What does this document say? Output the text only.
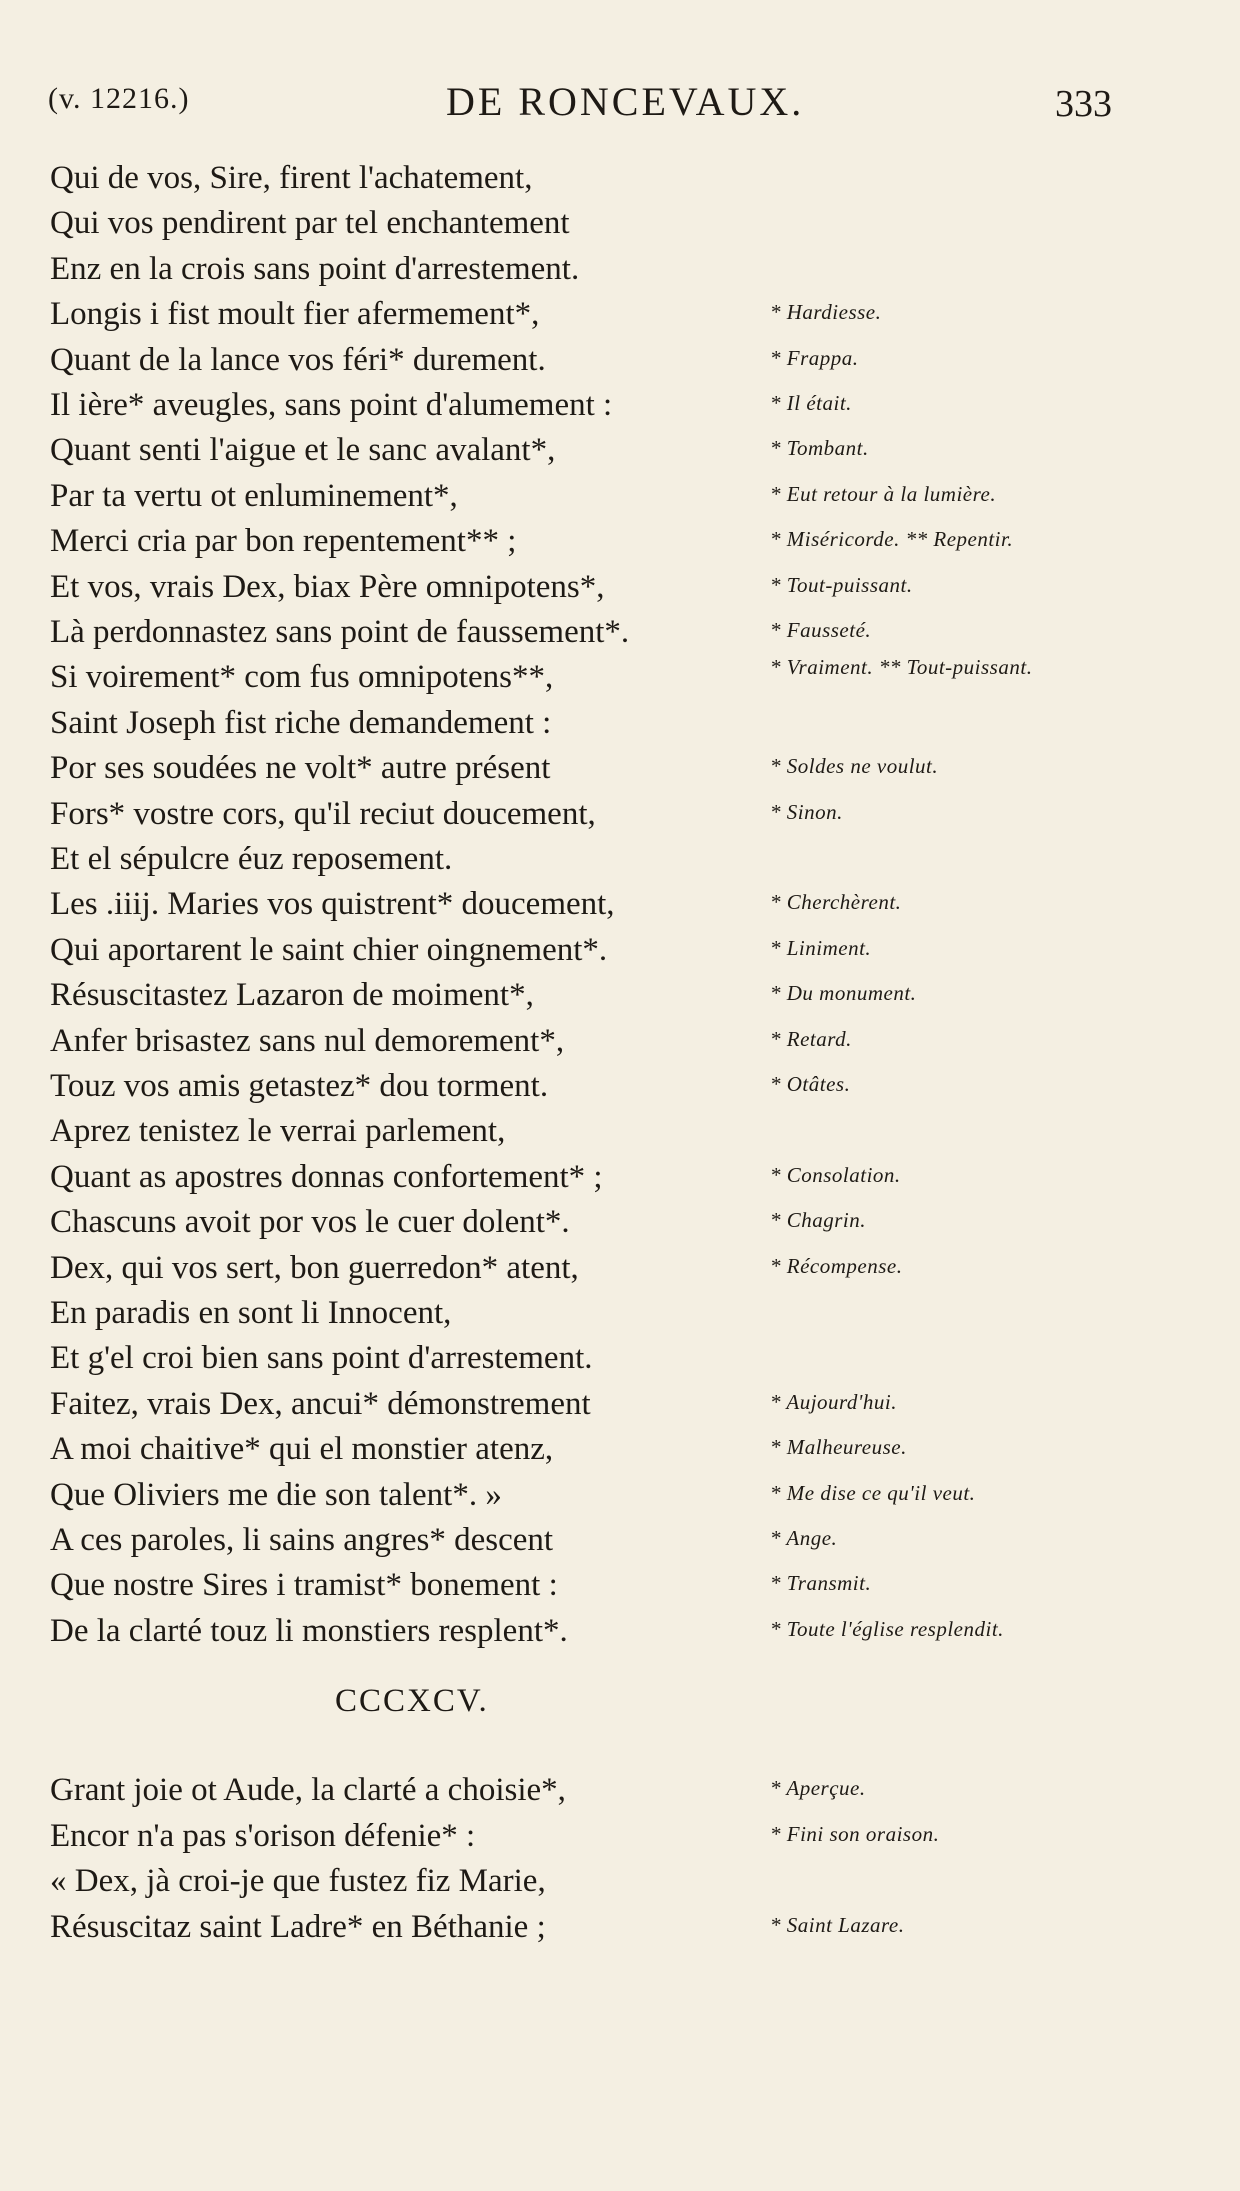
(v. 12216.)	DE RONCEVAUX.	333
Qui de vos, Sire, firent l'achatement,
Qui vos pendirent par tel enchantement
Enz en la crois sans point d'arrestement.
Longis i fist moult fier afermement*,	* Hardiesse.
Quant de la lance vos féri* durement.	* Frappa.
Il ière* aveugles, sans point d'alumement :	* Il était.
Quant senti l'aigue et le sanc avalant*,	* Tombant.
Par ta vertu ot enluminement*,	* Eut retour à la lumière.
Merci cria par bon repentement** ;	* Miséricorde. ** Repentir.
Et vos, vrais Dex, biax Père omnipotens*,	* Tout-puissant.
Là perdonnastez sans point de faussement*.	* Fausseté.
Si voirement* com fus omnipotens**,	* Vraiment. ** Tout-puissant.
Saint Joseph fist riche demandement :
Por ses soudées ne volt* autre présent	* Soldes ne voulut.
Fors* vostre cors, qu'il reciut doucement,	* Sinon.
Et el sépulcre éuz reposement.
Les .iiij. Maries vos quistrent* doucement,	* Cherchèrent.
Qui aportarent le saint chier oingnement*.	* Liniment.
Résuscitastez Lazaron de moiment*,	* Du monument.
Anfer brisastez sans nul demorement*,	* Retard.
Touz vos amis getastez* dou torment.	* Otâtes.
Aprez tenistez le verrai parlement,
Quant as apostres donnas confortement* ;	* Consolation.
Chascuns avoit por vos le cuer dolent*.	* Chagrin.
Dex, qui vos sert, bon guerredon* atent,	* Récompense.
En paradis en sont li Innocent,
Et g'el croi bien sans point d'arrestement.
Faitez, vrais Dex, ancui* démonstrement	* Aujourd'hui.
A moi chaitive* qui el monstier atenz,	* Malheureuse.
Que Oliviers me die son talent*. »	* Me dise ce qu'il veut.
A ces paroles, li sains angres* descent	* Ange.
Que nostre Sires i tramist* bonement :	* Transmit.
De la clarté touz li monstiers resplent*.	* Toute l'église resplendit.
CCCXCV.
Grant joie ot Aude, la clarté a choisie*,	* Aperçue.
Encor n'a pas s'orison défenie* :	* Fini son oraison.
« Dex, jà croi-je que fustez fiz Marie,
Résuscitaz saint Ladre* en Béthanie ;	* Saint Lazare.
